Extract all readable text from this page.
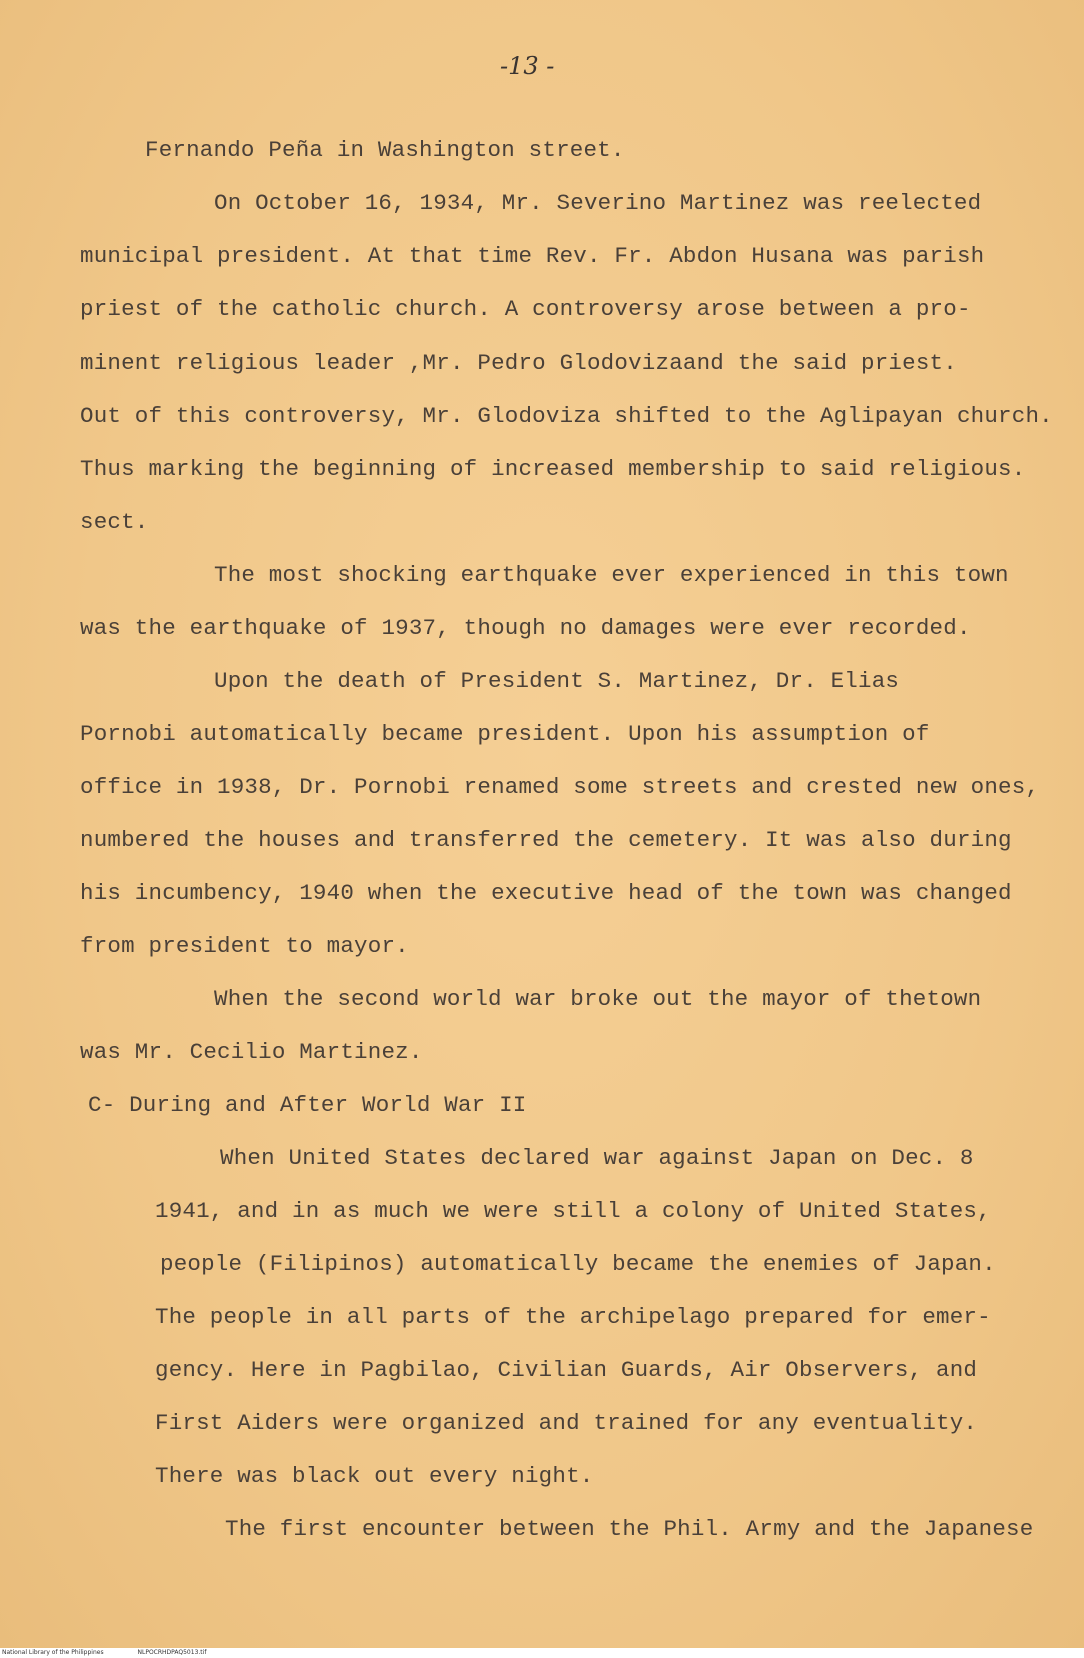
-13 -
Fernando Peña in Washington street.
On October 16, 1934, Mr. Severino Martinez was reelected
municipal president. At that time Rev. Fr. Abdon Husana was parish
priest of the catholic church. A controversy arose between a pro-
minent religious leader ,Mr. Pedro Glodovizaand the said priest.
Out of this controversy, Mr. Glodoviza shifted to the Aglipayan church.
Thus marking the beginning of increased membership to said religious.
sect.
The most shocking earthquake ever experienced in this town
was the earthquake of 1937, though no damages were ever recorded.
Upon the death of President S. Martinez, Dr. Elias
Pornobi automatically became president. Upon his assumption of
office in 1938, Dr. Pornobi renamed some streets and crested new ones,
numbered the houses and transferred the cemetery. It was also during
his incumbency, 1940 when the executive head of the town was changed
from president to mayor.
When the second world war broke out the mayor of thetown
was Mr. Cecilio Martinez.
C- During and After World War II
When United States declared war against Japan on Dec. 8
1941, and in as much we were still a colony of United States,
people (Filipinos) automatically became the enemies of Japan.
The people in all parts of the archipelago prepared for emer-
gency. Here in Pagbilao, Civilian Guards, Air Observers, and
First Aiders were organized and trained for any eventuality.
There was black out every night.
The first encounter between the Phil. Army and the Japanese
National Library of the Philippines	NLPOCRHDPAQ5013.tif
